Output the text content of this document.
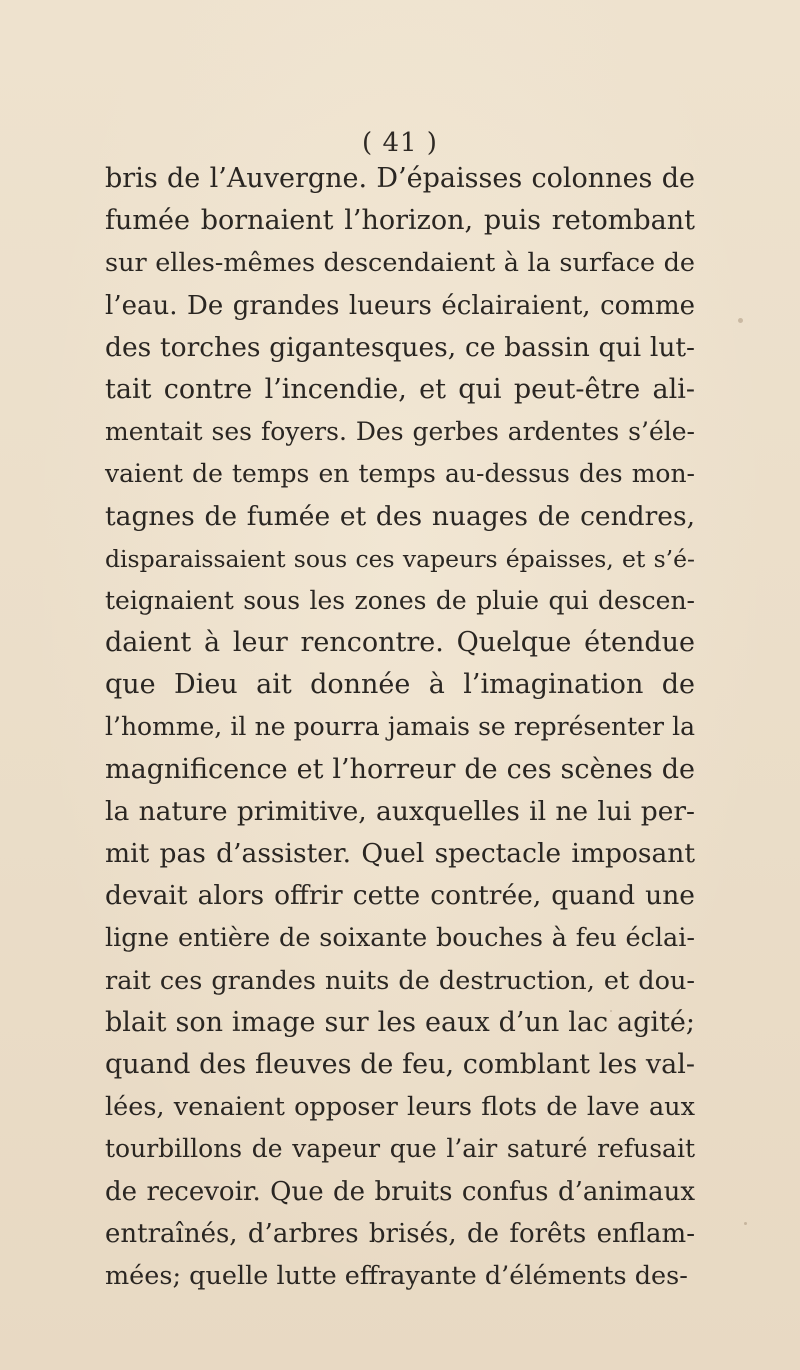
( 41 )
bris de l’Auvergne. D’épaisses colonnes de
fumée bornaient l’horizon, puis retombant
sur elles-mêmes descendaient à la surface de
l’eau. De grandes lueurs éclairaient, comme
des torches gigantesques, ce bassin qui lut-
tait contre l’incendie, et qui peut-être ali-
mentait ses foyers. Des gerbes ardentes s’éle-
vaient de temps en temps au-dessus des mon-
tagnes de fumée et des nuages de cendres,
disparaissaient sous ces vapeurs épaisses, et s’é-
teignaient sous les zones de pluie qui descen-
daient à leur rencontre. Quelque étendue
que Dieu ait donnée à l’imagination de
l’homme, il ne pourra jamais se représenter la
magnificence et l’horreur de ces scènes de
la nature primitive, auxquelles il ne lui per-
mit pas d’assister. Quel spectacle imposant
devait alors offrir cette contrée, quand une
ligne entière de soixante bouches à feu éclai-
rait ces grandes nuits de destruction, et dou-
blait son image sur les eaux d’un lac agité;
quand des fleuves de feu, comblant les val-
lées, venaient opposer leurs flots de lave aux
tourbillons de vapeur que l’air saturé refusait
de recevoir. Que de bruits confus d’animaux
entraînés, d’arbres brisés, de forêts enflam-
mées; quelle lutte effrayante d’éléments des-
